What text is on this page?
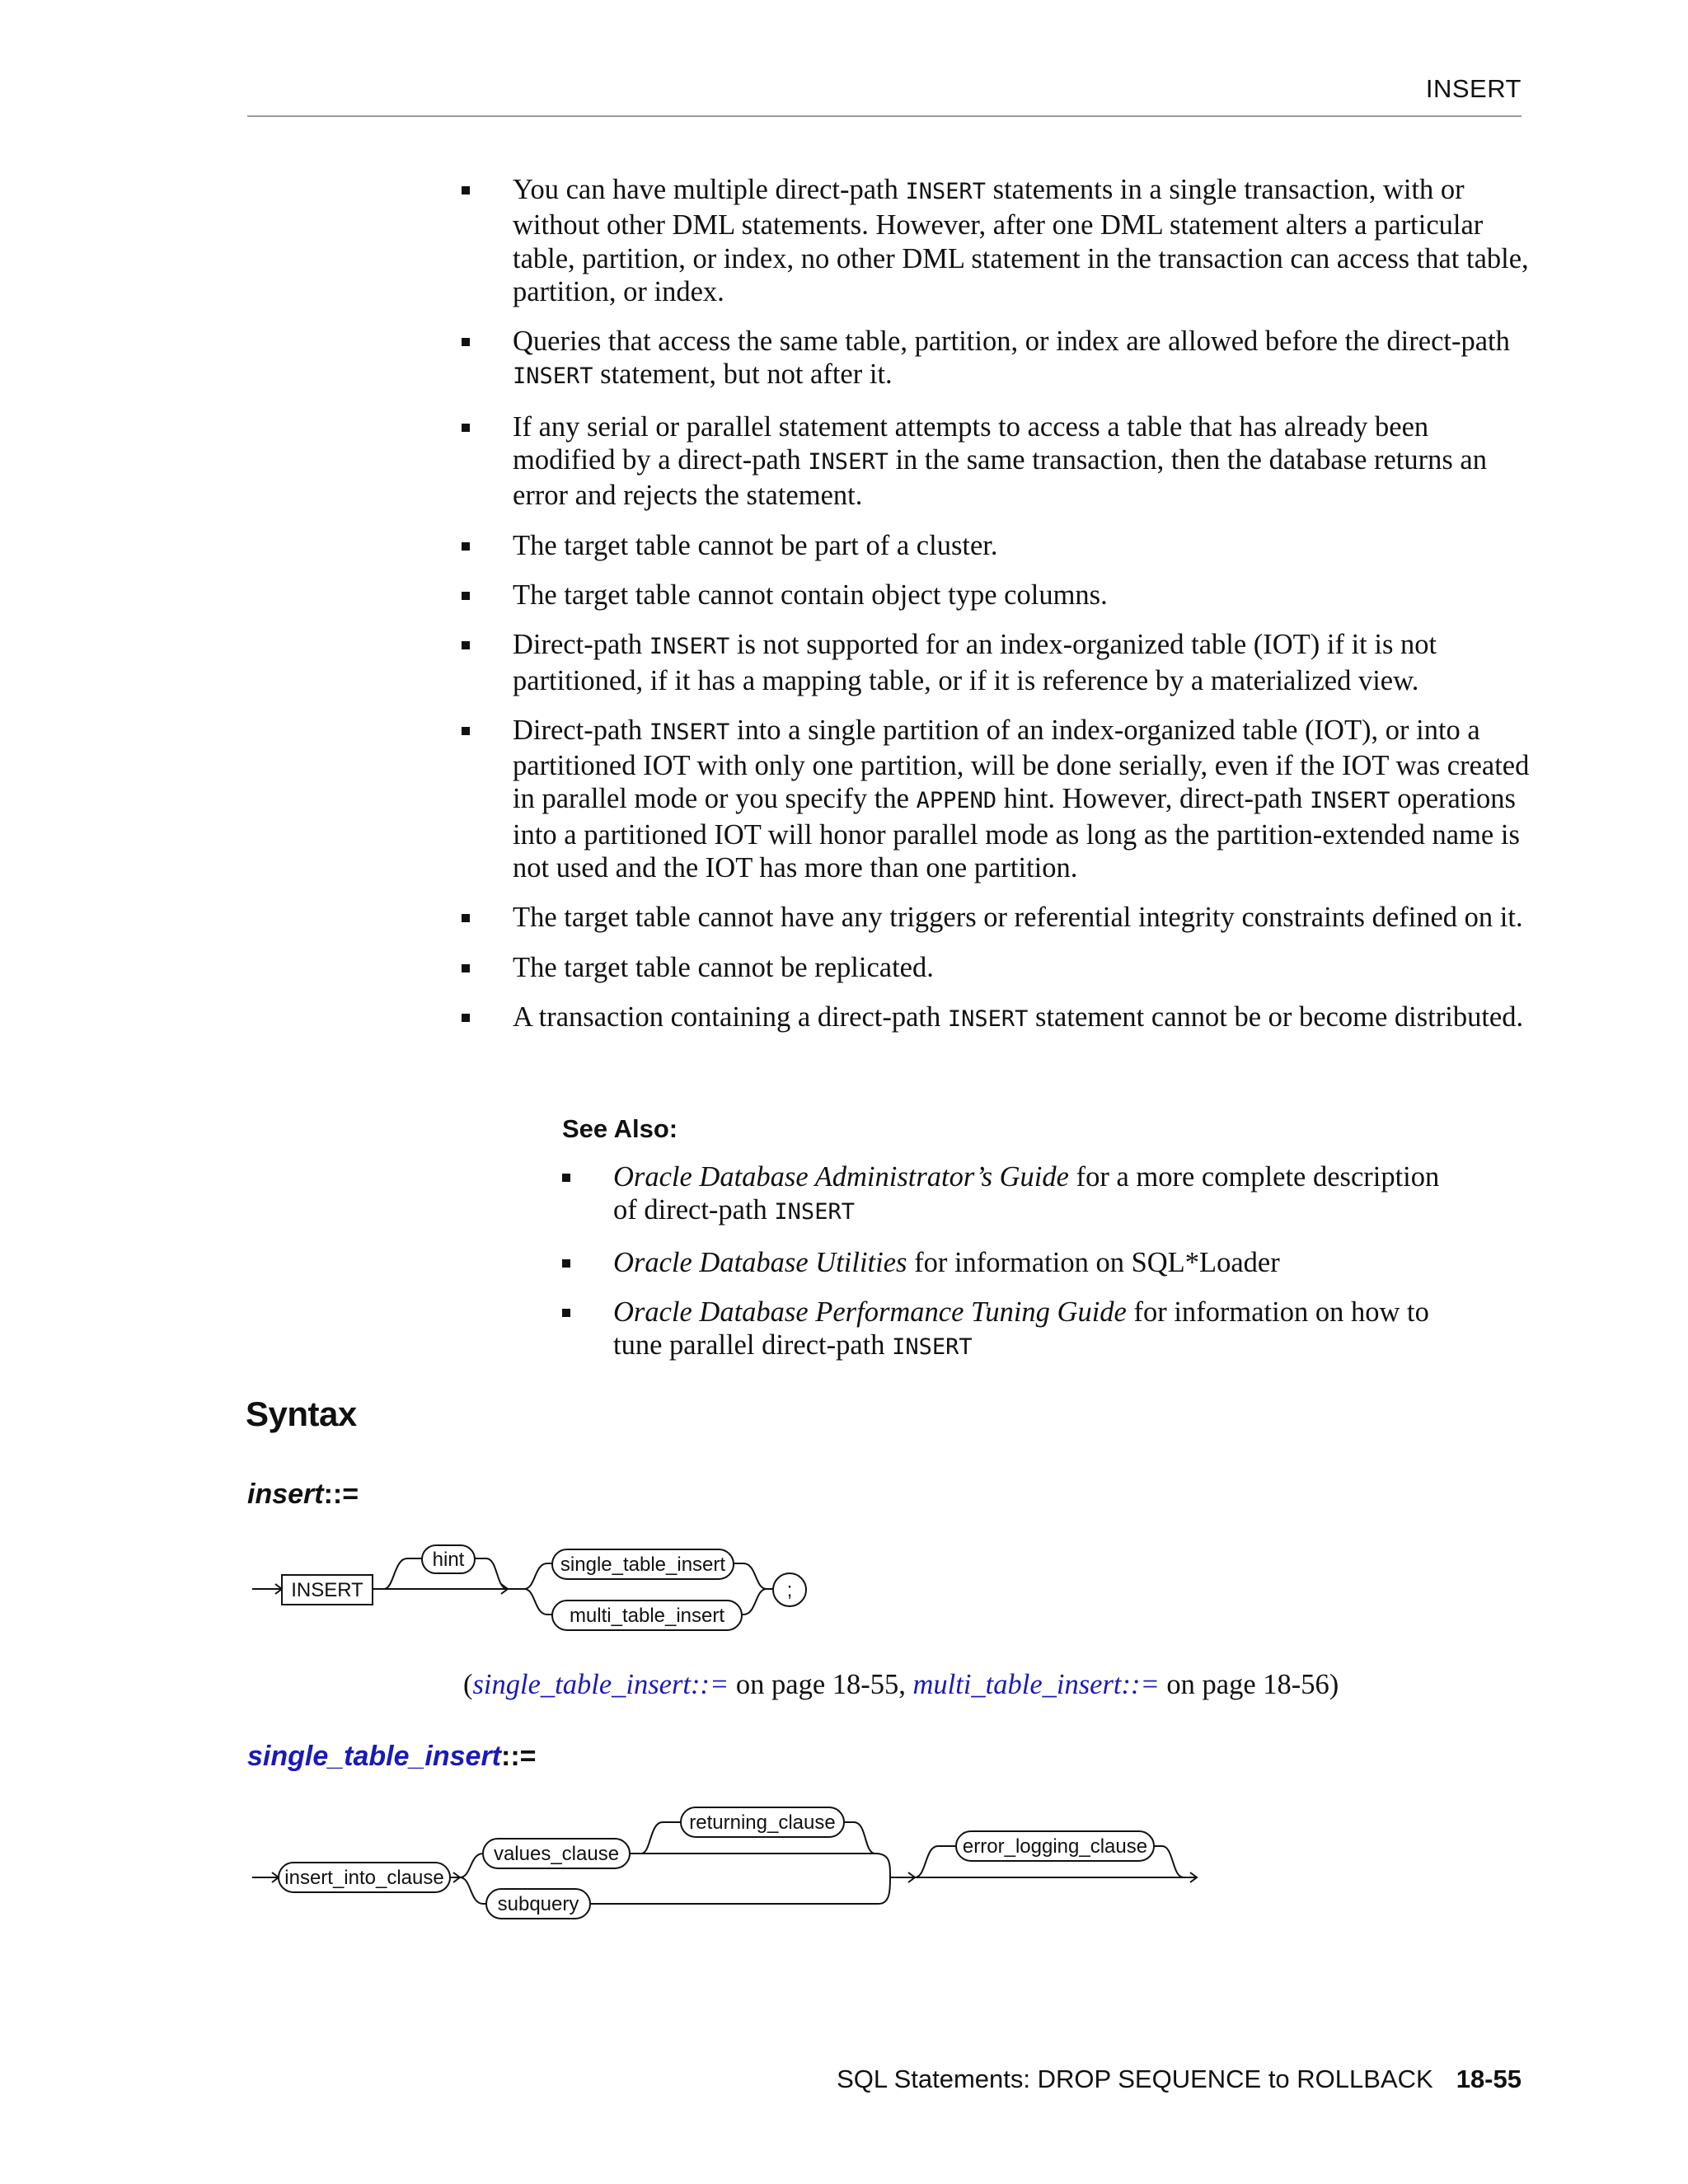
INSERT
You can have multiple direct-path INSERT statements in a single transaction, with or without other DML statements. However, after one DML statement alters a particular table, partition, or index, no other DML statement in the transaction can access that table, partition, or index.
Queries that access the same table, partition, or index are allowed before the direct-path INSERT statement, but not after it.
If any serial or parallel statement attempts to access a table that has already been modified by a direct-path INSERT in the same transaction, then the database returns an error and rejects the statement.
The target table cannot be part of a cluster.
The target table cannot contain object type columns.
Direct-path INSERT is not supported for an index-organized table (IOT) if it is not partitioned, if it has a mapping table, or if it is reference by a materialized view.
Direct-path INSERT into a single partition of an index-organized table (IOT), or into a partitioned IOT with only one partition, will be done serially, even if the IOT was created in parallel mode or you specify the APPEND hint. However, direct-path INSERT operations into a partitioned IOT will honor parallel mode as long as the partition-extended name is not used and the IOT has more than one partition.
The target table cannot have any triggers or referential integrity constraints defined on it.
The target table cannot be replicated.
A transaction containing a direct-path INSERT statement cannot be or become distributed.
See Also:
Oracle Database Administrator’s Guide for a more complete description of direct-path INSERT
Oracle Database Utilities for information on SQL*Loader
Oracle Database Performance Tuning Guide for information on how to tune parallel direct-path INSERT
Syntax
insert::=
INSERT
hint	single_table_insert
multi_table_insert
;
(single_table_insert::= on page 18-55, multi_table_insert::= on page 18-56)
single_table_insert::=
insert_into_clause
values_clause
returning_clause
subquery
error_logging_clause
SQL Statements: DROP SEQUENCE to ROLLBACK 18-55
